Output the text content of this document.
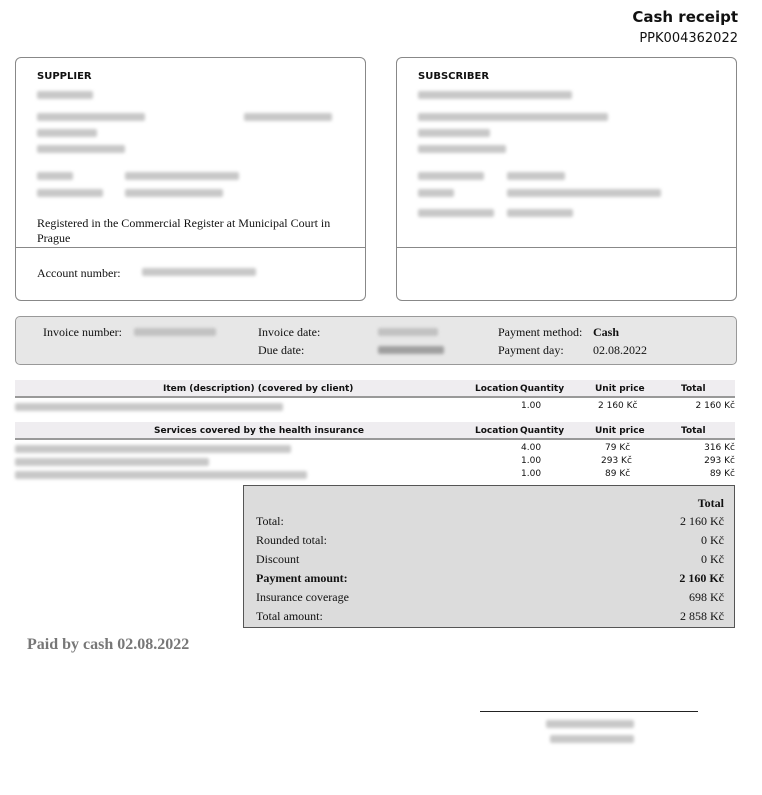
Cash receipt
PPK004362022
SUPPLIER
Registered in the Commercial Register at Municipal Court in Prague
Account number:
SUBSCRIBER
Invoice number:	Invoice date:
Due date:
Payment method: Cash
Payment day: 02.08.2022
Item (description) (covered by client)	Location Quantity	Unit price	Total
1.00	2 160 Kč	2 160 Kč
Services covered by the health insurance	Location Quantity	Unit price	Total
4.00	79 Kč	316 Kč
1.00	293 Kč	293 Kč
1.00	89 Kč	89 Kč
Total
Total:	2 160 Kč
Rounded total:	0 Kč
Discount	0 Kč
Payment amount:	2 160 Kč
Insurance coverage	698 Kč
Total amount:	2 858 Kč
Paid by cash 02.08.2022
